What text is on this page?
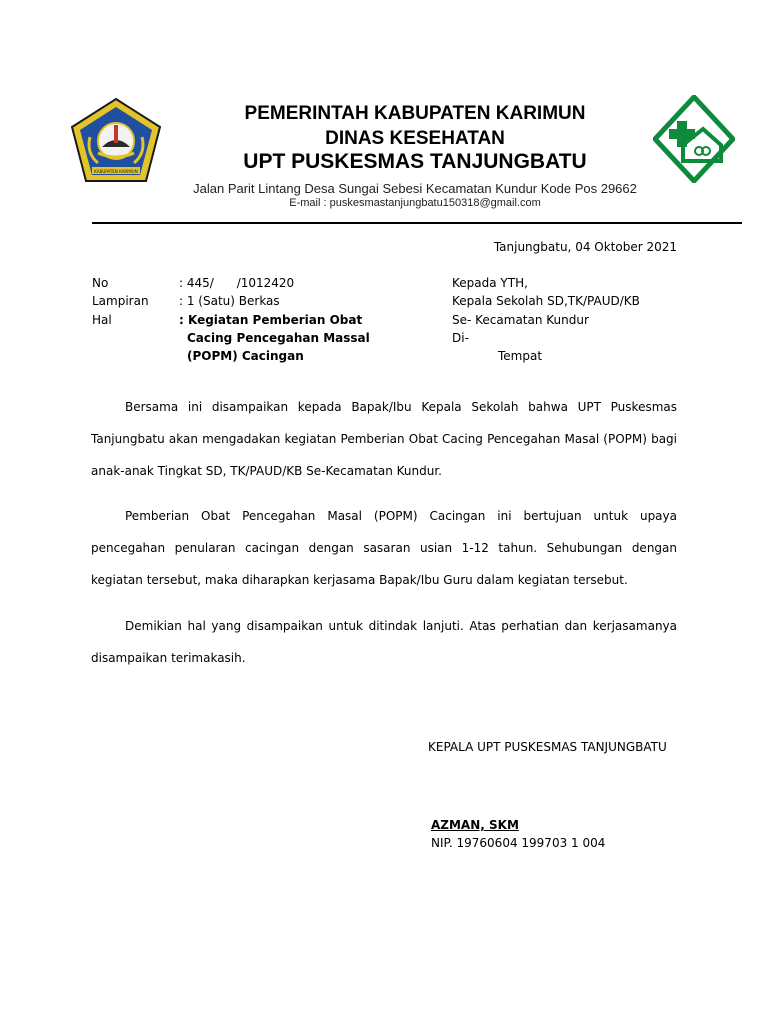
KABUPATEN KARIMUN
PEMERINTAH KABUPATEN KARIMUN
DINAS KESEHATAN
UPT PUSKESMAS TANJUNGBATU
Jalan Parit Lintang Desa Sungai Sebesi Kecamatan Kundur Kode Pos 29662
E-mail : puskesmastanjungbatu150318@gmail.com
Tanjungbatu, 04 Oktober 2021
No	: 445/      /1012420
Lampiran	: 1 (Satu) Berkas
Hal	: Kegiatan Pemberian Obat
Cacing Pencegahan Massal
(POPM) Cacingan
Kepada YTH,
Kepala Sekolah SD,TK/PAUD/KB
Se- Kecamatan Kundur
Di-
Tempat
Bersama ini disampaikan kepada Bapak/Ibu Kepala Sekolah bahwa UPT Puskesmas Tanjungbatu akan mengadakan kegiatan Pemberian Obat Cacing Pencegahan Masal (POPM) bagi anak-anak Tingkat SD, TK/PAUD/KB Se-Kecamatan Kundur.
Pemberian Obat Pencegahan Masal (POPM) Cacingan ini bertujuan untuk upaya pencegahan penularan cacingan dengan sasaran usian 1-12 tahun. Sehubungan dengan kegiatan tersebut, maka diharapkan kerjasama Bapak/Ibu Guru dalam kegiatan tersebut.
Demikian hal yang disampaikan untuk ditindak lanjuti. Atas perhatian dan kerjasamanya disampaikan terimakasih.
KEPALA UPT PUSKESMAS TANJUNGBATU
AZMAN, SKM
NIP. 19760604 199703 1 004
